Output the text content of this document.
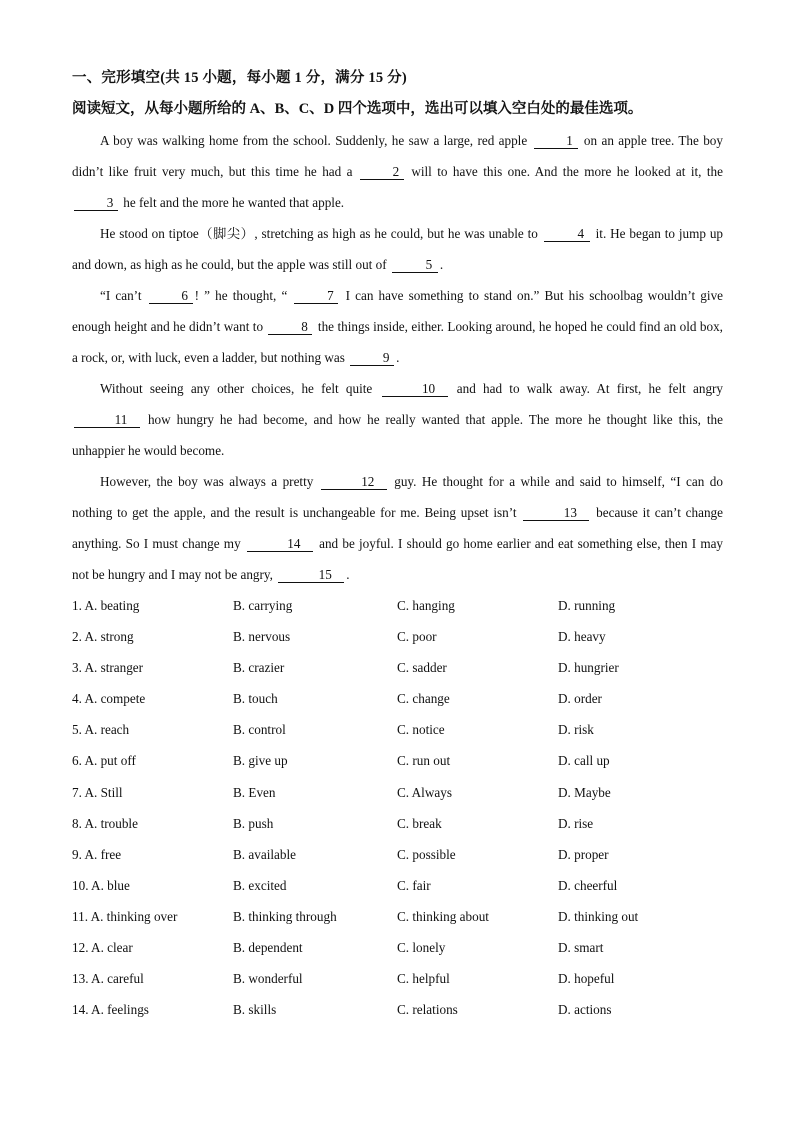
一、完形填空(共 15 小题，每小题 1 分，满分 15 分)
阅读短文，从每小题所给的 A、B、C、D 四个选项中，选出可以填入空白处的最佳选项。

A boy was walking home from the school. Suddenly, he saw a large, red apple	1 on an apple tree. The boy didn’t like fruit very much, but this time he had a	2 will to have this one. And the more he looked at it, the 3 he felt and the more he wanted that apple.

He stood on tiptoe（脚尖）, stretching as high as he could, but he was unable to	4 it. He began to jump up and down, as high as he could, but the apple was still out of	5 .

“I can’t	6 ! ” he thought, “	7 I can have something to stand on.” But his schoolbag wouldn’t give enough height and he didn’t want to	8 the things inside, either. Looking around, he hoped he could find an old box, a rock, or, with luck, even a ladder, but nothing was	9 .

Without seeing any other choices, he felt quite	10 and had to walk away. At first, he felt angry 11 how hungry he had become, and how he really wanted that apple. The more he thought like this, the unhappier he would become.

However, the boy was always a pretty	12 guy. He thought for a while and said to himself, “I can do nothing to get the apple, and the result is unchangeable for me. Being upset isn’t	13 because it can’t change anything. So I must change my	14 and be joyful. I should go home earlier and eat something else, then I may not be hungry and I may not be angry,	15 .

1. A. beating	B. carrying	C. hanging	D. running
2. A. strong	B. nervous	C. poor	D. heavy
3. A. stranger	B. crazier	C. sadder	D. hungrier
4. A. compete	B. touch	C. change	D. order
5. A. reach	B. control	C. notice	D. risk
6. A. put off	B. give up	C. run out	D. call up
7. A. Still	B. Even	C. Always	D. Maybe
8. A. trouble	B. push	C. break	D. rise
9. A. free	B. available	C. possible	D. proper
10. A. blue	B. excited	C. fair	D. cheerful
11. A. thinking over	B. thinking through	C. thinking about	D. thinking out
12. A. clear	B. dependent	C. lonely	D. smart
13. A. careful	B. wonderful	C. helpful	D. hopeful
14. A. feelings	B. skills	C. relations	D. actions
